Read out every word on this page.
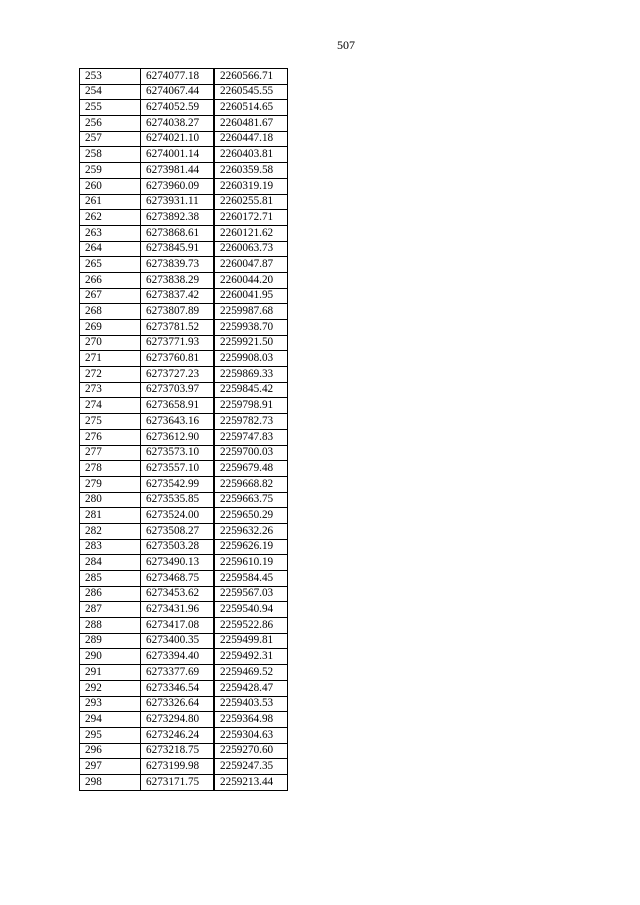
507
253	6274077.18		2260566.71
254	6274067.44		2260545.55
255	6274052.59		2260514.65
256	6274038.27		2260481.67
257	6274021.10		2260447.18
258	6274001.14		2260403.81
259	6273981.44		2260359.58
260	6273960.09		2260319.19
261	6273931.11		2260255.81
262	6273892.38		2260172.71
263	6273868.61		2260121.62
264	6273845.91		2260063.73
265	6273839.73		2260047.87
266	6273838.29		2260044.20
267	6273837.42		2260041.95
268	6273807.89		2259987.68
269	6273781.52		2259938.70
270	6273771.93		2259921.50
271	6273760.81		2259908.03
272	6273727.23		2259869.33
273	6273703.97		2259845.42
274	6273658.91		2259798.91
275	6273643.16		2259782.73
276	6273612.90		2259747.83
277	6273573.10		2259700.03
278	6273557.10		2259679.48
279	6273542.99		2259668.82
280	6273535.85		2259663.75
281	6273524.00		2259650.29
282	6273508.27		2259632.26
283	6273503.28		2259626.19
284	6273490.13		2259610.19
285	6273468.75		2259584.45
286	6273453.62		2259567.03
287	6273431.96		2259540.94
288	6273417.08		2259522.86
289	6273400.35		2259499.81
290	6273394.40		2259492.31
291	6273377.69		2259469.52
292	6273346.54		2259428.47
293	6273326.64		2259403.53
294	6273294.80		2259364.98
295	6273246.24		2259304.63
296	6273218.75		2259270.60
297	6273199.98		2259247.35
298	6273171.75		2259213.44
